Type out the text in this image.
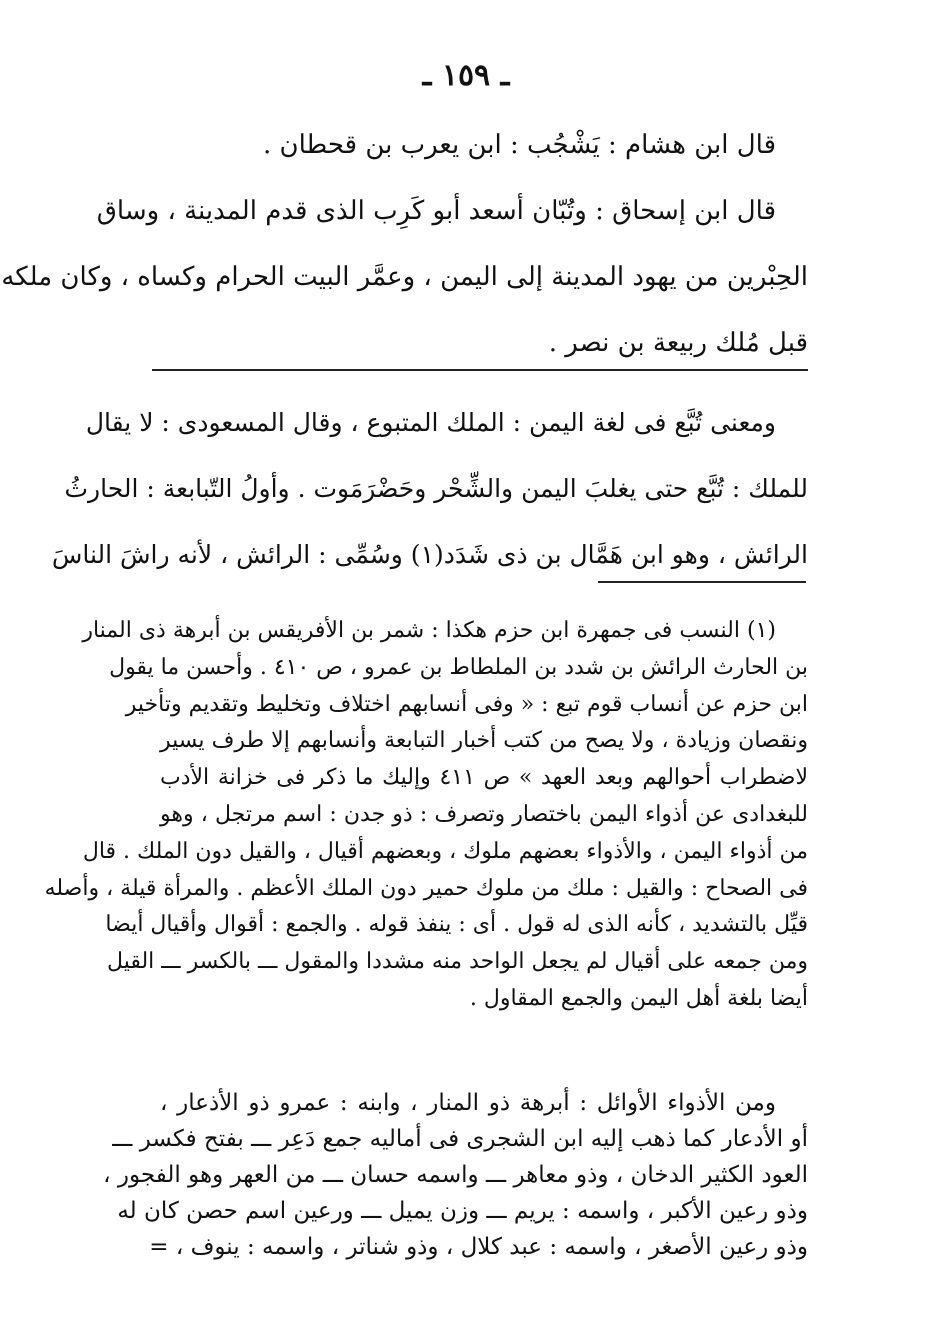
ـ ١٥٩ ـ
قال ابن هشام : يَشْجُب : ابن يعرب بن قحطان .
قال ابن إسحاق : وتُبّان أسعد أبو كَرِب الذى قدم المدينة ، وساق
الحِبْرين من يهود المدينة إلى اليمن ، وعمَّر البيت الحرام وكساه ، وكان ملكه
قبل مُلك ربيعة بن نصر .
ومعنى تُبَّع فى لغة اليمن : الملك المتبوع ، وقال المسعودى : لا يقال
للملك : تُبَّع حتى يغلبَ اليمن والشِّحْر وحَضْرَمَوت . وأولُ التّبابعة : الحارثُ
الرائش ، وهو ابن هَمَّال بن ذى شَدَد(١) وسُمِّى : الرائش ، لأنه راشَ الناسَ
(١) النسب فى جمهرة ابن حزم هكذا : شمر بن الأفريقس بن أبرهة ذى المنار
بن الحارث الرائش بن شدد بن الملطاط بن عمرو ، ص ٤١٠ . وأحسن ما يقول
ابن حزم عن أنساب قوم تبع : « وفى أنسابهم اختلاف وتخليط وتقديم وتأخير
ونقصان وزيادة ، ولا يصح من كتب أخبار التبابعة وأنسابهم إلا طرف يسير
لاضطراب أحوالهم وبعد العهد » ص ٤١١ وإليك ما ذكر فى خزانة الأدب
للبغدادى عن أذواء اليمن باختصار وتصرف : ذو جدن : اسم مرتجل ، وهو
من أذواء اليمن ، والأذواء بعضهم ملوك ، وبعضهم أقيال ، والقيل دون الملك . قال
فى الصحاح : والقيل : ملك من ملوك حمير دون الملك الأعظم . والمرأة قيلة ، وأصله
قيِّل بالتشديد ، كأنه الذى له قول . أى : ينفذ قوله . والجمع : أقوال وأقيال أيضا
ومن جمعه على أقيال لم يجعل الواحد منه مشددا والمقول ـــ بالكسر ـــ القيل
أيضا بلغة أهل اليمن والجمع المقاول .
ومن الأذواء الأوائل : أبرهة ذو المنار ، وابنه : عمرو ذو الأذعار ،
أو الأدعار كما ذهب إليه ابن الشجرى فى أماليه جمع دَعِر ـــ بفتح فكسر ـــ
العود الكثير الدخان ، وذو معاهر ـــ واسمه حسان ـــ من العهر وهو الفجور ،
وذو رعين الأكبر ، واسمه : يريم ـــ وزن يميل ـــ ورعين اسم حصن كان له
وذو رعين الأصغر ، واسمه : عبد كلال ، وذو شناتر ، واسمه : ينوف ، =
